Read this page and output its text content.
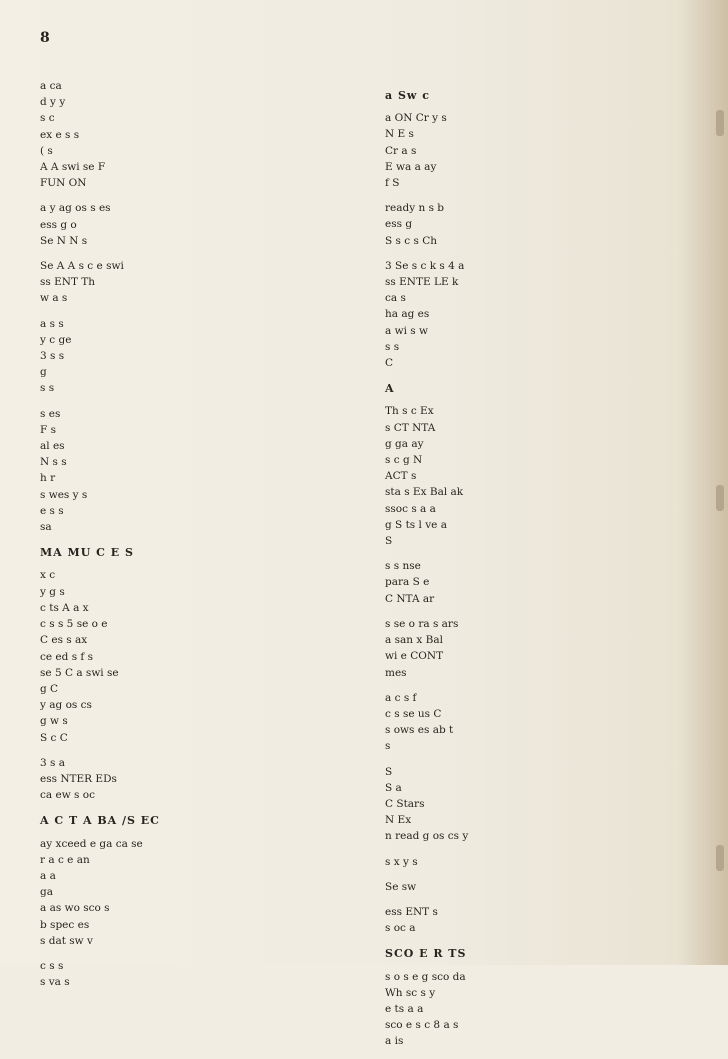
8

a ca
d y y
s c
ex e s s
( s
A A swi se F
FUN ON

a y ag os s es
ess g o
Se N N s

Se A A s c e swi
ss ENT Th
w a s

a s s
y c ge
3 s s
g
s s

s es
F s
al es
N s s
h r
s wes y s
e s s
sa

MA MU C E S

x c
y g s
c ts A a x
c s s 5 se o e
C es s ax
ce ed s f s
se 5 C a swi se
g C
y ag os cs
g w s
S c C

3 s a
ess NTER EDs
ca ew s oc

A C T A BA /S EC

ay xceed e ga ca se
r a c e an
a a
ga
a as wo sco s
b spec es
s dat sw v

c s s
s va s

a Sw c

a ON Cr y s
N E s
Cr a s
E wa a ay
f S

ready n s b
ess g
S s c s Ch

3 Se s c k s 4 a
ss ENTE LE k
ca s
ha ag es
a wi s w
s s
C

A

Th s c Ex
s CT NTA
g ga ay
s c g N
ACT s
sta s Ex Bal ak
ssoc s a a
g S ts l ve a
S

s s nse
para S e
C NTA ar

s se o ra s ars
a san x Bal
wi e CONT
mes

a c s f
c s se us C
s ows es ab t
s

S
S a
C Stars
N Ex
n read g os cs y

s x y s

Se sw

ess ENT s
s oc a

SCO E R TS

s o s e g sco da
Wh sc s y
e ts a a
sco e s c 8 a s
a is
